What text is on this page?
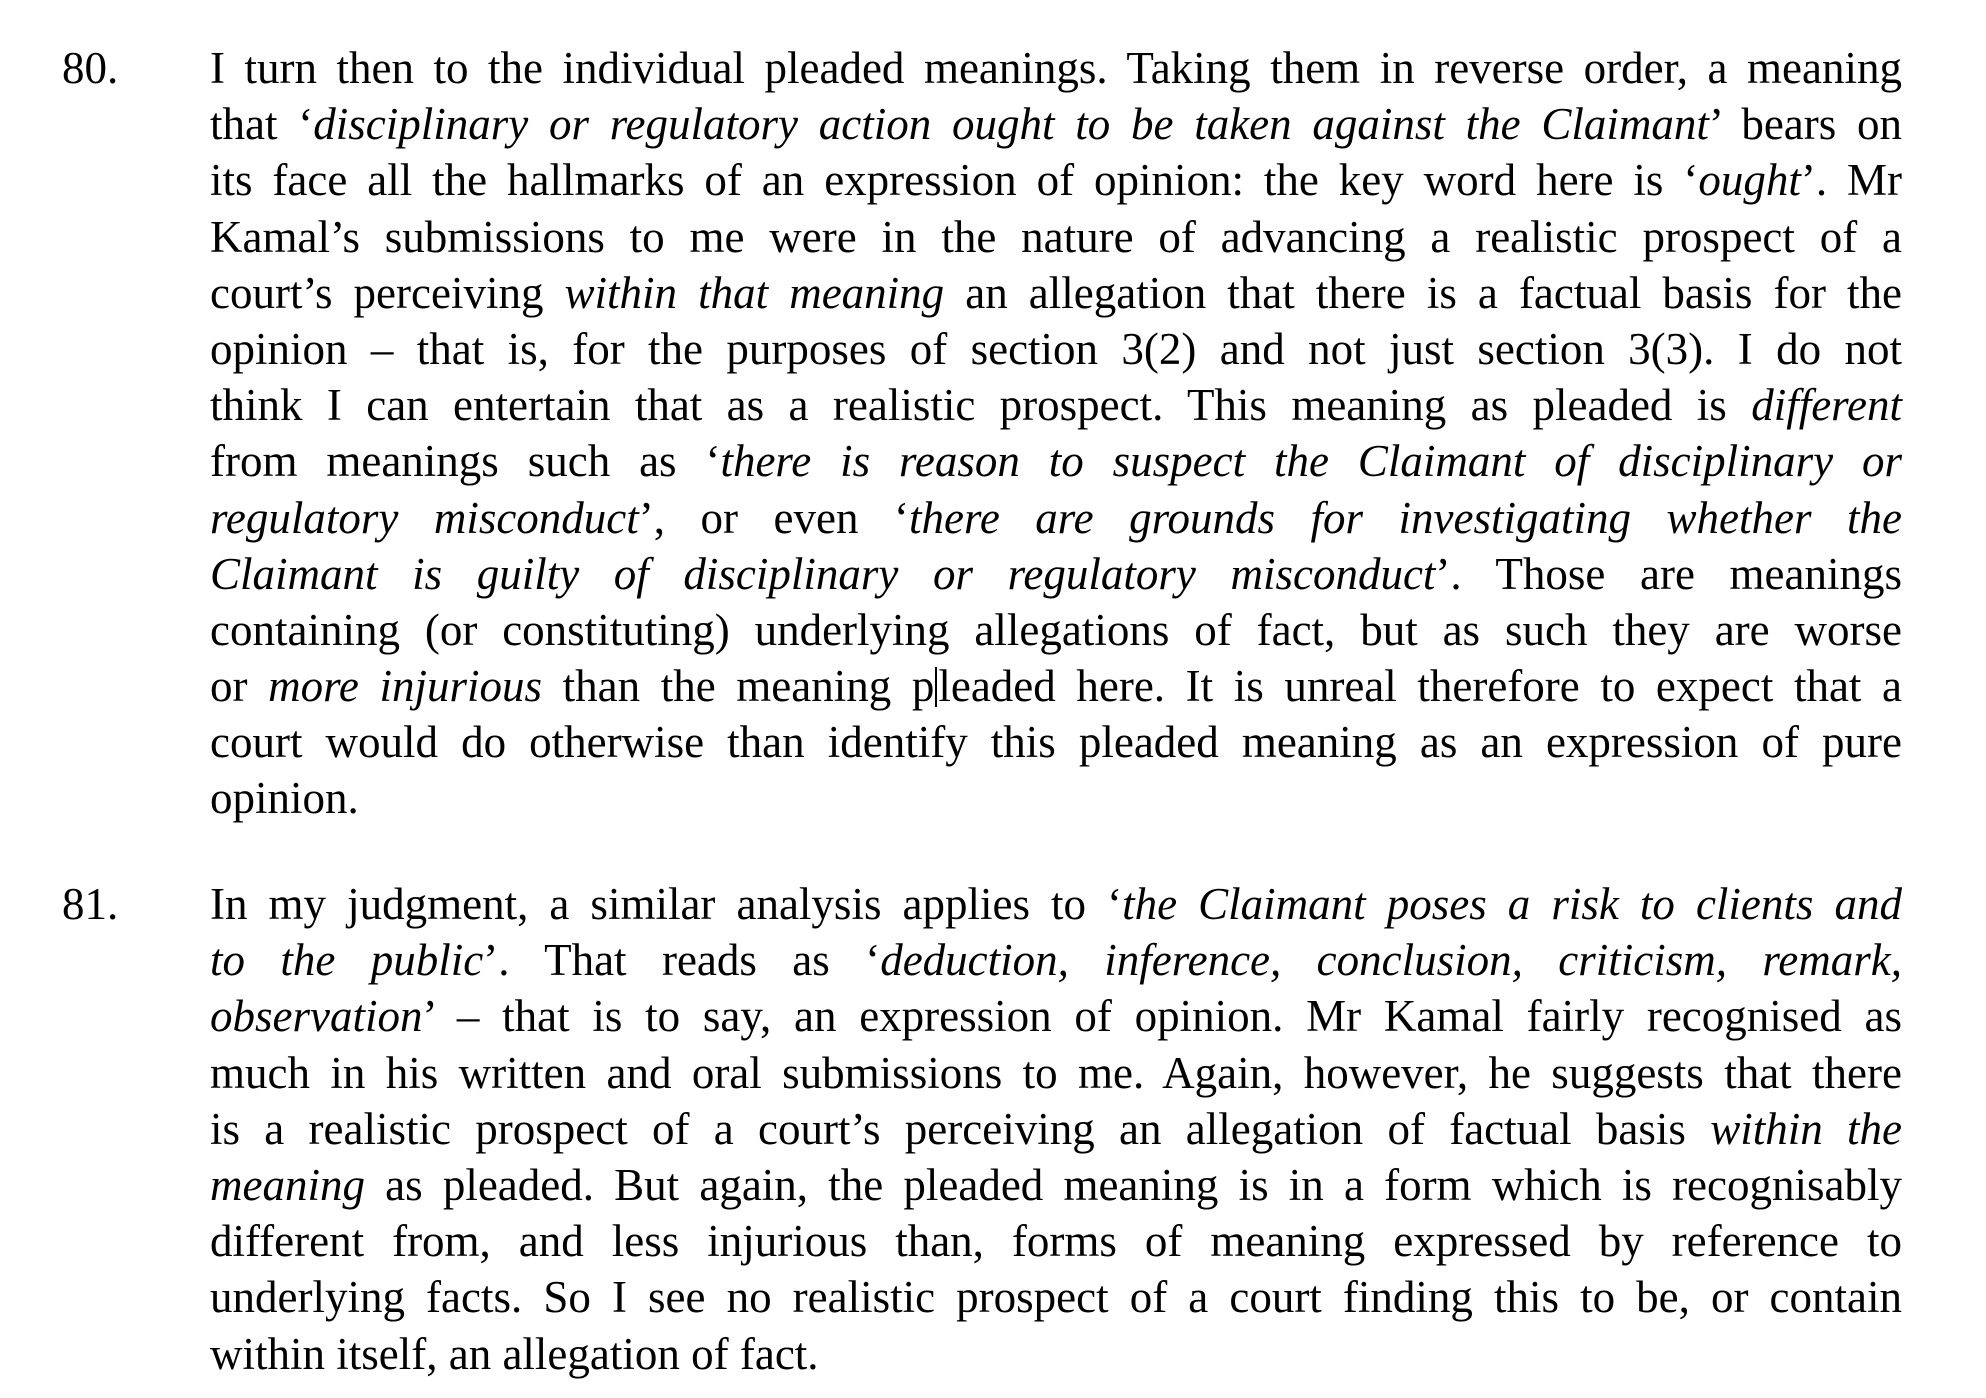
80. I turn then to the individual pleaded meanings. Taking them in reverse order, a meaning
that ‘disciplinary or regulatory action ought to be taken against the Claimant’ bears on
its face all the hallmarks of an expression of opinion: the key word here is ‘ought’. Mr
Kamal’s submissions to me were in the nature of advancing a realistic prospect of a
court’s perceiving within that meaning an allegation that there is a factual basis for the
opinion – that is, for the purposes of section 3(2) and not just section 3(3). I do not
think I can entertain that as a realistic prospect. This meaning as pleaded is different
from meanings such as ‘there is reason to suspect the Claimant of disciplinary or
regulatory misconduct’, or even ‘there are grounds for investigating whether the
Claimant is guilty of disciplinary or regulatory misconduct’. Those are meanings
containing (or constituting) underlying allegations of fact, but as such they are worse
or more injurious than the meaning pleaded here. It is unreal therefore to expect that a
court would do otherwise than identify this pleaded meaning as an expression of pure
opinion.
81. In my judgment, a similar analysis applies to ‘the Claimant poses a risk to clients and
to the public’. That reads as ‘deduction, inference, conclusion, criticism, remark,
observation’ – that is to say, an expression of opinion. Mr Kamal fairly recognised as
much in his written and oral submissions to me. Again, however, he suggests that there
is a realistic prospect of a court’s perceiving an allegation of factual basis within the
meaning as pleaded. But again, the pleaded meaning is in a form which is recognisably
different from, and less injurious than, forms of meaning expressed by reference to
underlying facts. So I see no realistic prospect of a court finding this to be, or contain
within itself, an allegation of fact.
